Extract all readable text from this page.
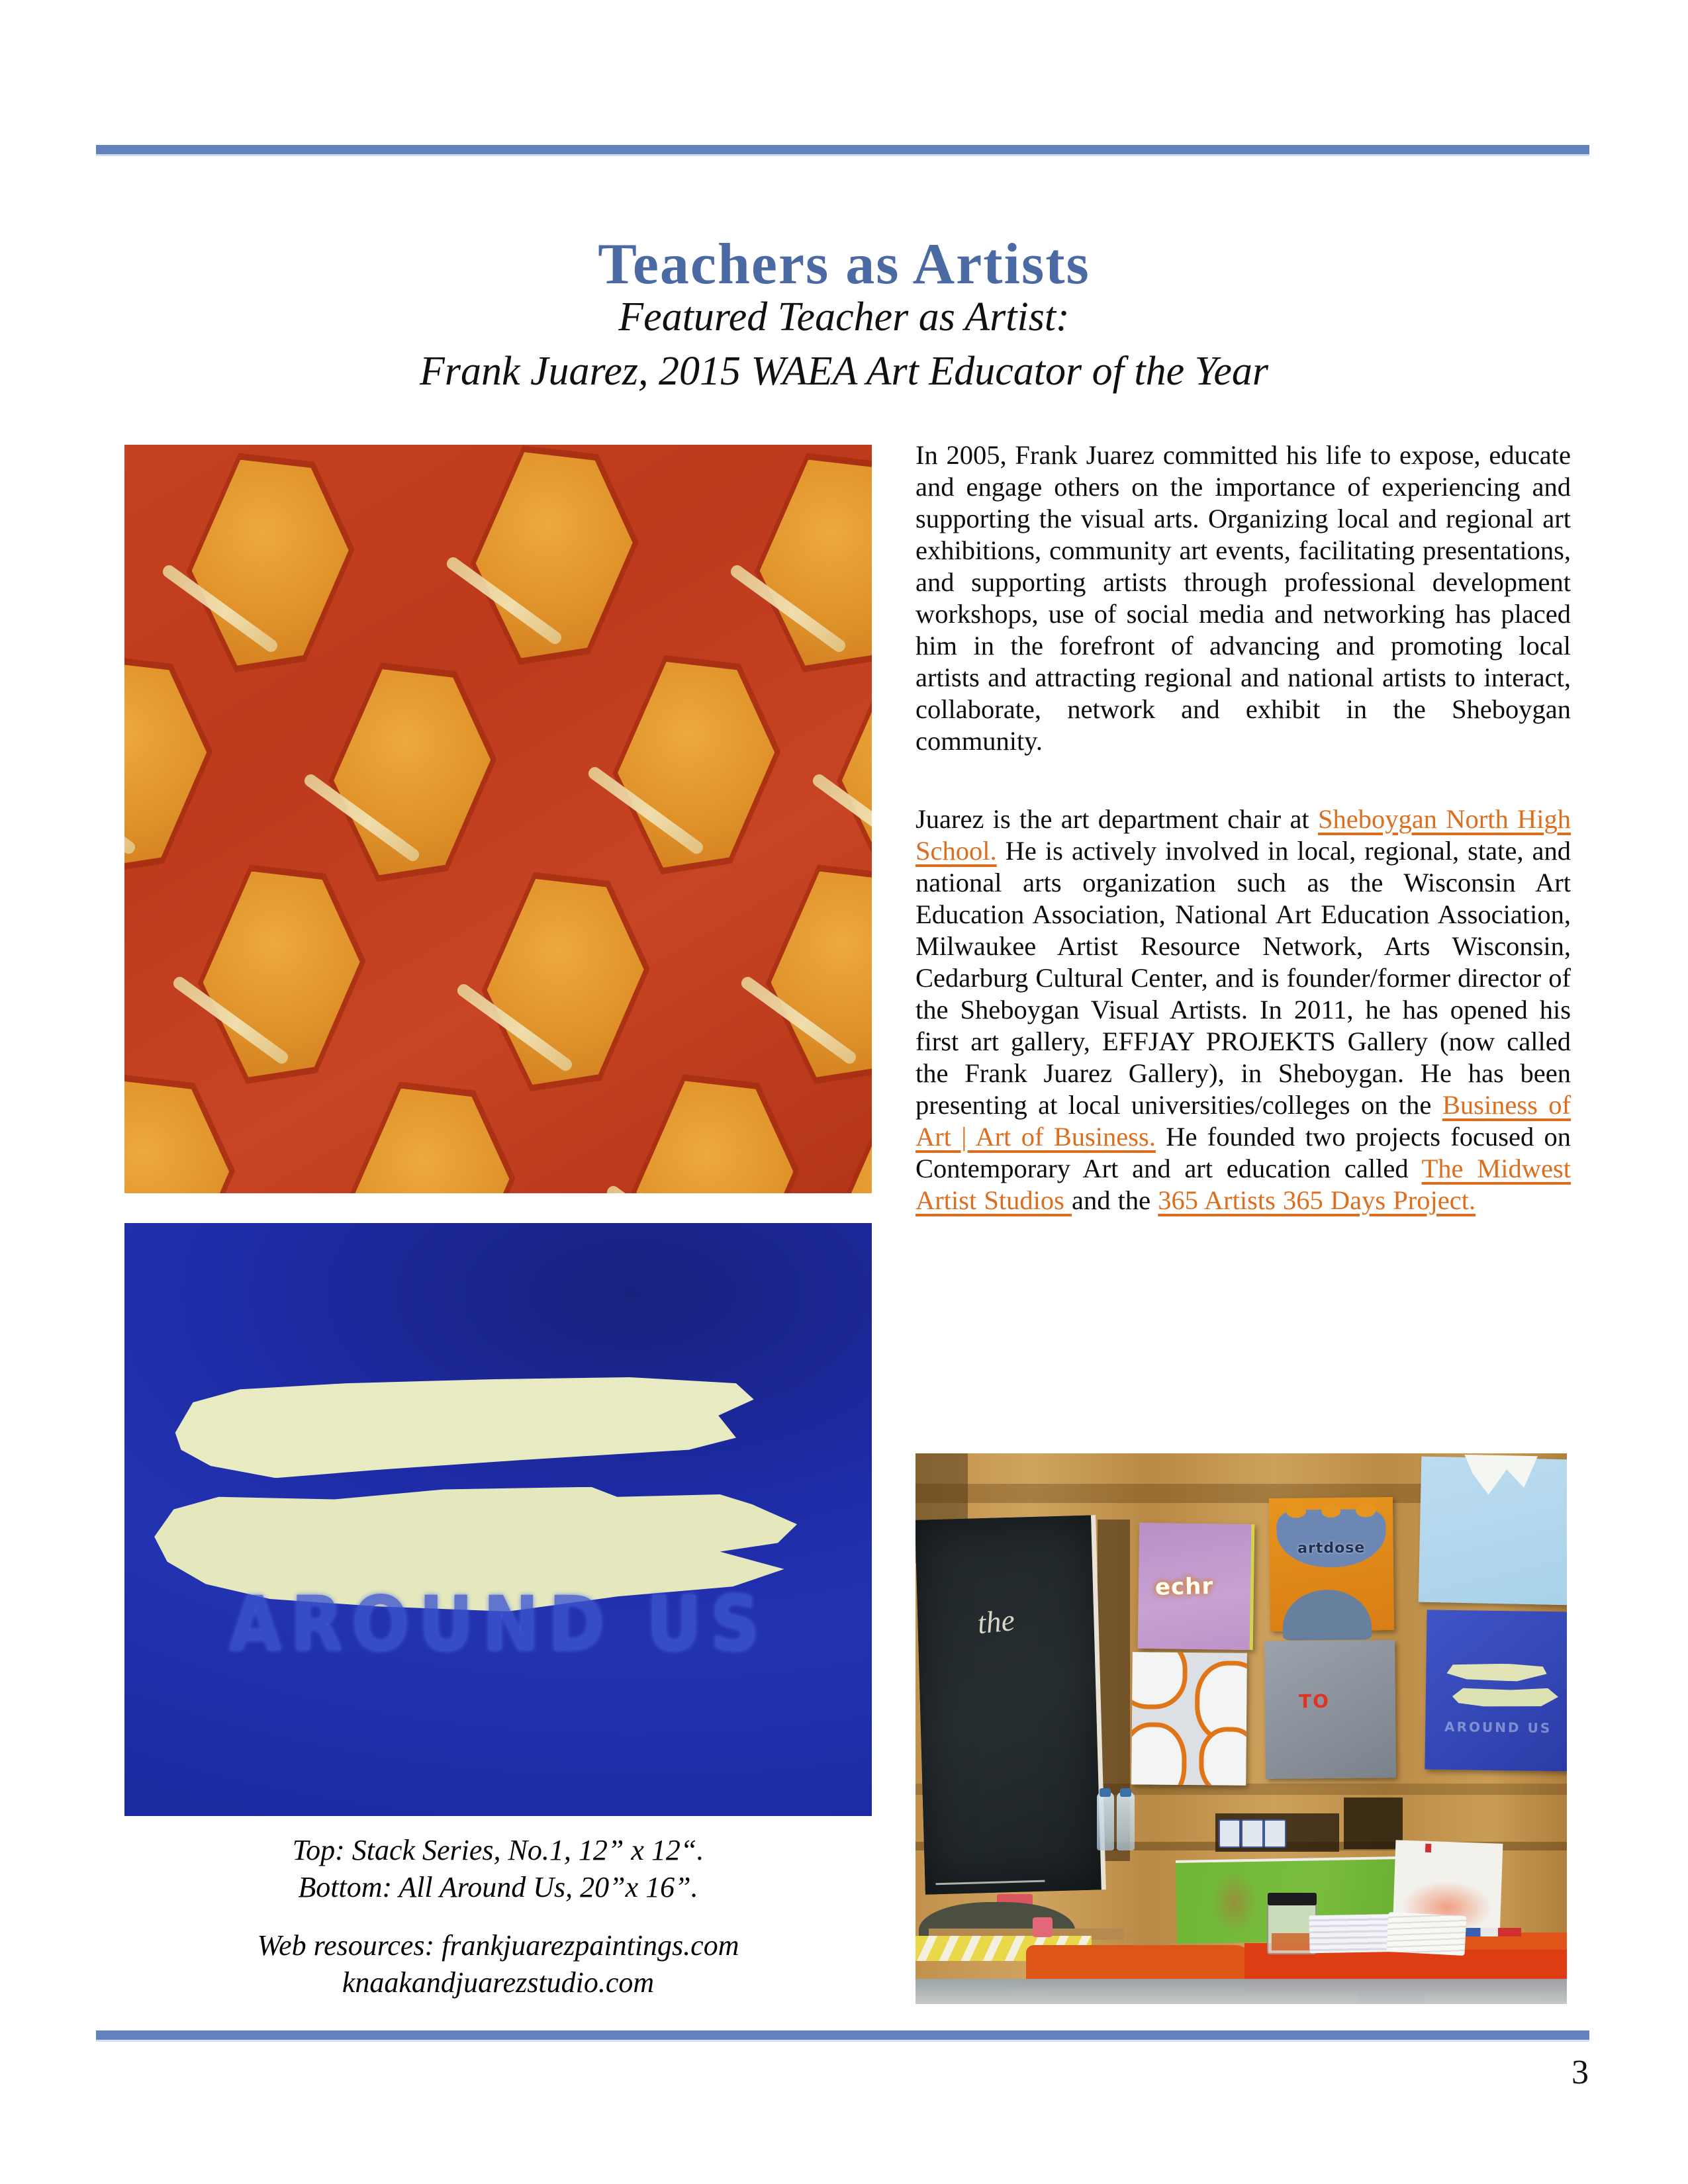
Teachers as Artists
Featured Teacher as Artist:
Frank Juarez, 2015 WAEA Art Educator of the Year
AROUND US
Top: Stack Series, No.1, 12” x 12“.
Bottom: All Around Us, 20”x 16”.
Web resources: frankjuarezpaintings.com
knaakandjuarezstudio.com

In 2005, Frank Juarez committed his life to expose, educate and engage others on the importance of experiencing and supporting the visual arts. Organizing local and regional art exhibitions, community art events, facilitating presentations, and supporting artists through professional development workshops, use of social media and networking has placed him in the forefront of advancing and promoting local artists and attracting regional and national artists to interact, collaborate, network and exhibit in the Sheboygan community.

Juarez is the art department chair at Sheboygan North High School. He is actively involved in local, regional, state, and national arts organization such as the Wisconsin Art Education Association, National Art Education Association, Milwaukee Artist Resource Network, Arts Wisconsin, Cedarburg Cultural Center, and is founder/former director of the Sheboygan Visual Artists. In 2011, he has opened his first art gallery, EFFJAY PROJEKTS Gallery (now called the Frank Juarez Gallery), in Sheboygan. He has been presenting at local universities/colleges on the Business of Art | Art of Business. He founded two projects focused on Contemporary Art and art education called The Midwest Artist Studios and the 365 Artists 365 Days Project.

the
echr
artdose
TO
AROUND US
3
